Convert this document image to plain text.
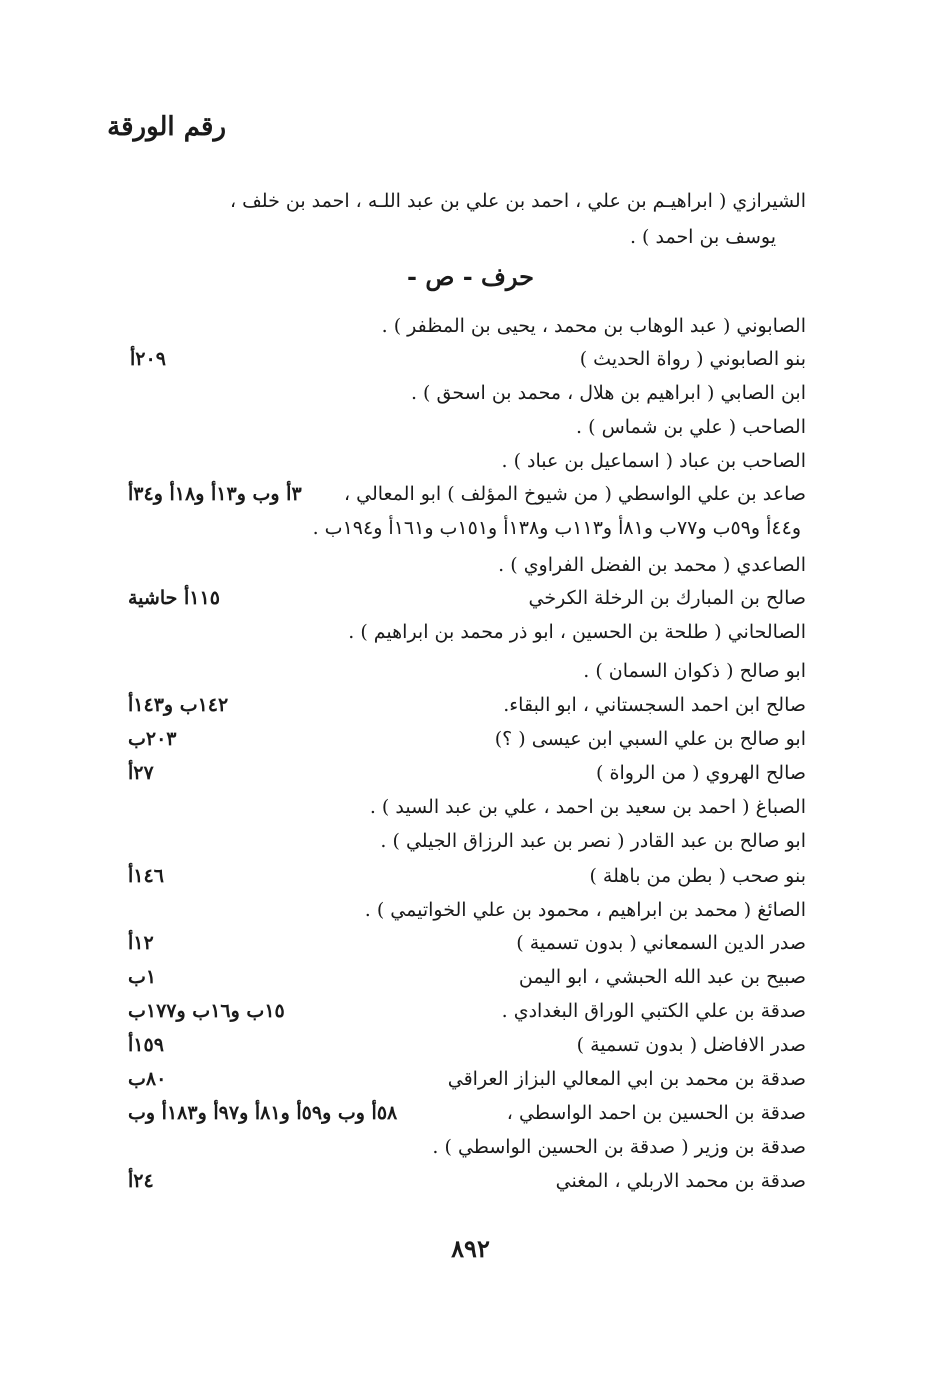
رقم الورقة
الشيرازي ( ابراهيـم بن علي ، احمد بن علي بن عبد اللـه ، احمد بن خلف ،
يوسف بن احمد ) .
حرف - ص -
الصابوني ( عبد الوهاب بن محمد ، يحيى بن المظفر ) .
بنو الصابوني ( رواة الحديث )
٢٠٩أ
ابن الصابي ( ابراهيم بن هلال ، محمد بن اسحق ) .
الصاحب ( علي بن شماس ) .
الصاحب بن عباد ( اسماعيل بن عباد ) .
صاعد بن علي الواسطي ( من شيوخ المؤلف ) ابو المعالي ،
٣أ وب و١٣أ و١٨أ و٣٤أ
و٤٤أ و٥٩ب و٧٧ب و٨١أ و١١٣ب و١٣٨أ و١٥١ب و١٦١أ و١٩٤ب .
الصاعدي ( محمد بن الفضل الفراوي ) .
صالح بن المبارك بن الرخلة الكرخي
١١٥أ حاشية
الصالحاني ( طلحة بن الحسين ، ابو ذر محمد بن ابراهيم ) .
ابو صالح ( ذكوان السمان ) .
صالح ابن احمد السجستاني ، ابو البقاء.
١٤٢ب و١٤٣أ
ابو صالح بن علي السبي ابن عيسى ( ؟)
٢٠٣ب
صالح الهروي ( من الرواة )
٢٧أ
الصباغ ( احمد بن سعيد بن احمد ، علي بن عبد السيد ) .
ابو صالح بن عبد القادر ( نصر بن عبد الرزاق الجيلي ) .
بنو صحب ( بطن من باهلة )
١٤٦أ
الصائغ ( محمد بن ابراهيم ، محمود بن علي الخواتيمي ) .
صدر الدين السمعاني ( بدون تسمية )
١٢أ
صبيح بن عبد الله الحبشي ، ابو اليمن
١ب
صدقة بن علي الكتبي الوراق البغدادي .
١٥ب و١٦ب و١٧٧ب
صدر الافاضل ( بدون تسمية )
١٥٩أ
صدقة بن محمد بن ابي المعالي البزاز العراقي
٨٠ب
صدقة بن الحسين بن احمد الواسطي ،
٥٨أ وب و٥٩أ و٨١أ و٩٧أ و١٨٣أ وب
صدقة بن وزير ( صدقة بن الحسين الواسطي ) .
صدقة بن محمد الاربلي ، المغني
٢٤أ
٨٩٢
